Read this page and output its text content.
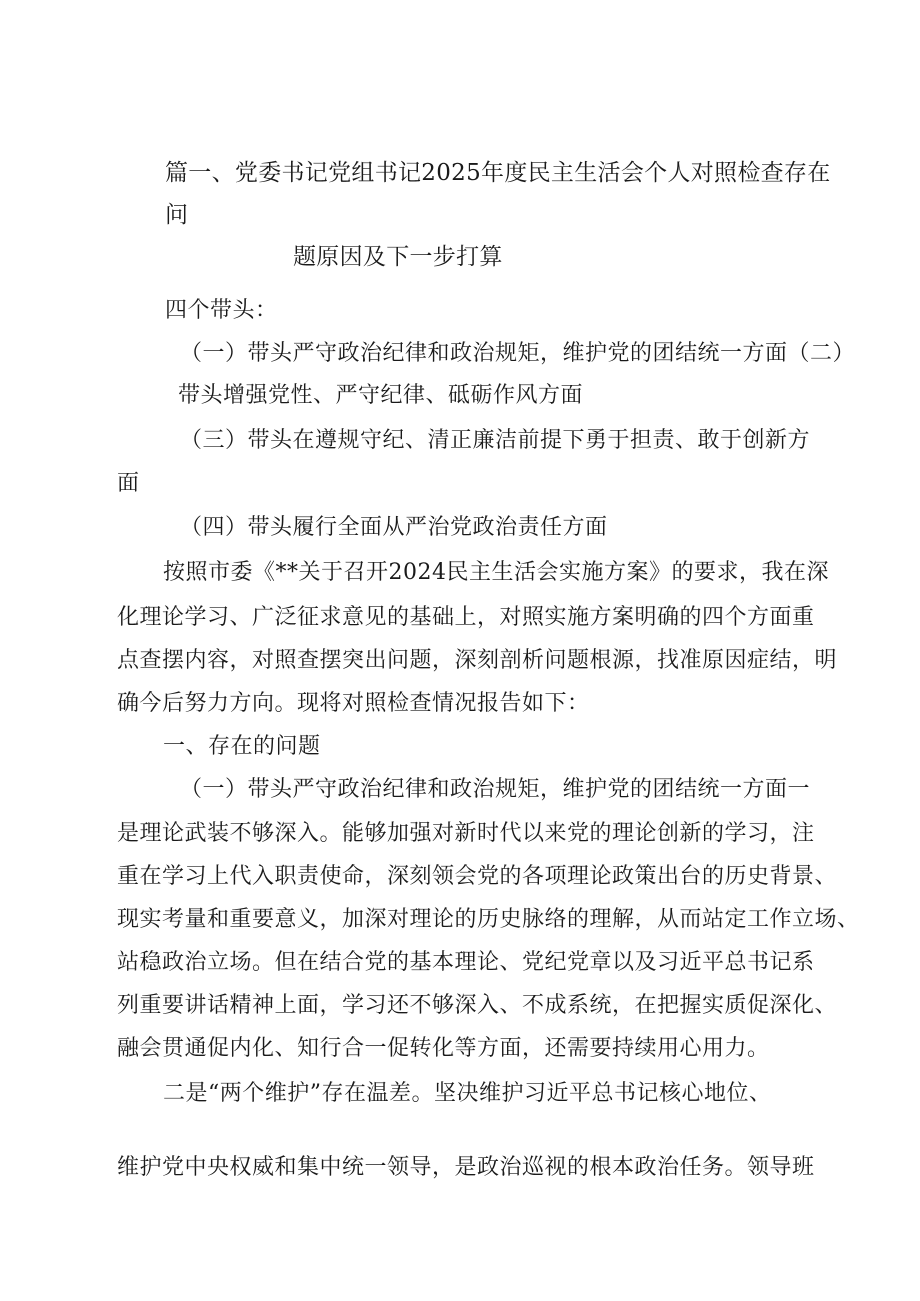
篇一、党委书记党组书记2025年度民主生活会个人对照检查存在问
题原因及下一步打算
四个带头：
（一）带头严守政治纪律和政治规矩，维护党的团结统一方面（二）
带头增强党性、严守纪律、砥砺作风方面
（三）带头在遵规守纪、清正廉洁前提下勇于担责、敢于创新方
面
（四）带头履行全面从严治党政治责任方面
按照市委《**关于召开2024民主生活会实施方案》的要求，我在深
化理论学习、广泛征求意见的基础上，对照实施方案明确的四个方面重
点查摆内容，对照查摆突出问题，深刻剖析问题根源，找准原因症结，明
确今后努力方向。现将对照检查情况报告如下：
一、存在的问题
（一）带头严守政治纪律和政治规矩，维护党的团结统一方面一
是理论武装不够深入。能够加强对新时代以来党的理论创新的学习，注
重在学习上代入职责使命，深刻领会党的各项理论政策出台的历史背景、
现实考量和重要意义，加深对理论的历史脉络的理解，从而站定工作立场、
站稳政治立场。但在结合党的基本理论、党纪党章以及习近平总书记系
列重要讲话精神上面，学习还不够深入、不成系统，在把握实质促深化、
融会贯通促内化、知行合一促转化等方面，还需要持续用心用力。
二是“两个维护”存在温差。坚决维护习近平总书记核心地位、
维护党中央权威和集中统一领导，是政治巡视的根本政治任务。领导班
